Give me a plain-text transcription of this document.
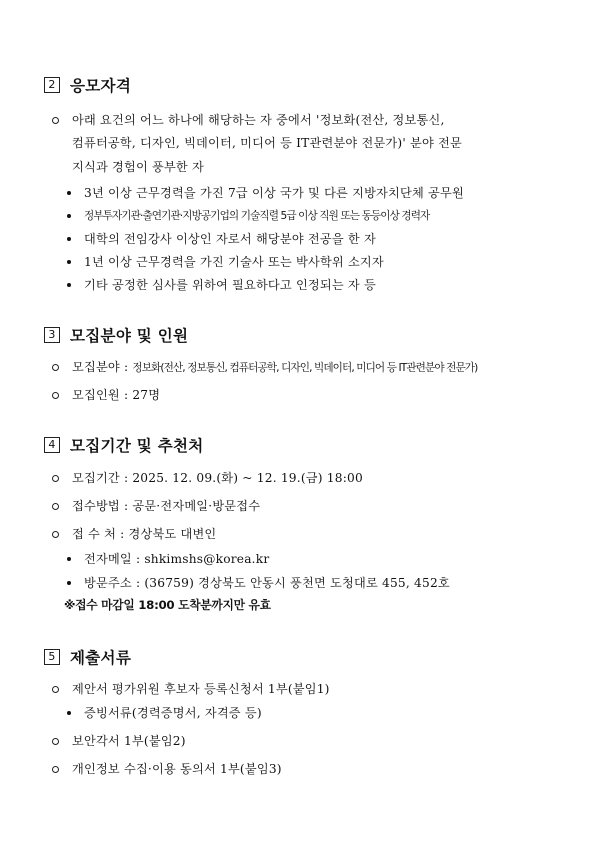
2 응모자격
아래 요건의 어느 하나에 해당하는 자 중에서 '정보화(전산, 정보통신,
컴퓨터공학, 디자인, 빅데이터, 미디어 등 IT관련분야 전문가)' 분야 전문
지식과 경험이 풍부한 자
3년 이상 근무경력을 가진 7급 이상 국가 및 다른 지방자치단체 공무원
정부투자기관·출연기관·지방공기업의 기술직렬 5급 이상 직원 또는 동등이상 경력자
대학의 전임강사 이상인 자로서 해당분야 전공을 한 자
1년 이상 근무경력을 가진 기술사 또는 박사학위 소지자
기타 공정한 심사를 위하여 필요하다고 인정되는 자 등
3 모집분야 및 인원
모집분야 : 정보화(전산, 정보통신, 컴퓨터공학, 디자인, 빅데이터, 미디어 등 IT관련분야 전문가)
모집인원 : 27명
4 모집기간 및 추천처
모집기간 : 2025. 12. 09.(화) ~ 12. 19.(금) 18:00
접수방법 : 공문·전자메일·방문접수
접 수 처 : 경상북도 대변인
전자메일 : shkimshs@korea.kr
방문주소 : (36759) 경상북도 안동시 풍천면 도청대로 455, 452호
※접수 마감일 18:00 도착분까지만 유효
5 제출서류
제안서 평가위원 후보자 등록신청서 1부(붙임1)
증빙서류(경력증명서, 자격증 등)
보안각서 1부(붙임2)
개인정보 수집·이용 동의서 1부(붙임3)
